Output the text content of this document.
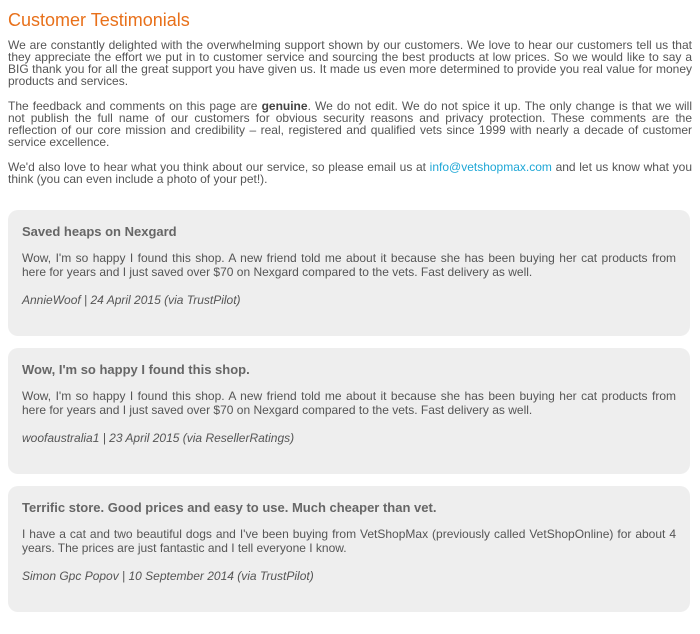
Customer Testimonials

We are constantly delighted with the overwhelming support shown by our customers. We love to hear our customers tell us that they appreciate the effort we put in to customer service and sourcing the best products at low prices. So we would like to say a BIG thank you for all the great support you have given us. It made us even more determined to provide you real value for money products and services.

The feedback and comments on this page are genuine. We do not edit. We do not spice it up. The only change is that we will not publish the full name of our customers for obvious security reasons and privacy protection. These comments are the reflection of our core mission and credibility – real, registered and qualified vets since 1999 with nearly a decade of customer service excellence.

We'd also love to hear what you think about our service, so please email us at info@vetshopmax.com and let us know what you think (you can even include a photo of your pet!).

Saved heaps on Nexgard

Wow, I'm so happy I found this shop. A new friend told me about it because she has been buying her cat products from here for years and I just saved over $70 on Nexgard compared to the vets. Fast delivery as well.

AnnieWoof | 24 April 2015 (via TrustPilot)

Wow, I'm so happy I found this shop.

Wow, I'm so happy I found this shop. A new friend told me about it because she has been buying her cat products from here for years and I just saved over $70 on Nexgard compared to the vets. Fast delivery as well.

woofaustralia1 | 23 April 2015 (via ResellerRatings)

Terrific store. Good prices and easy to use. Much cheaper than vet.

I have a cat and two beautiful dogs and I've been buying from VetShopMax (previously called VetShopOnline) for about 4 years. The prices are just fantastic and I tell everyone I know.

Simon Gpc Popov | 10 September 2014 (via TrustPilot)
